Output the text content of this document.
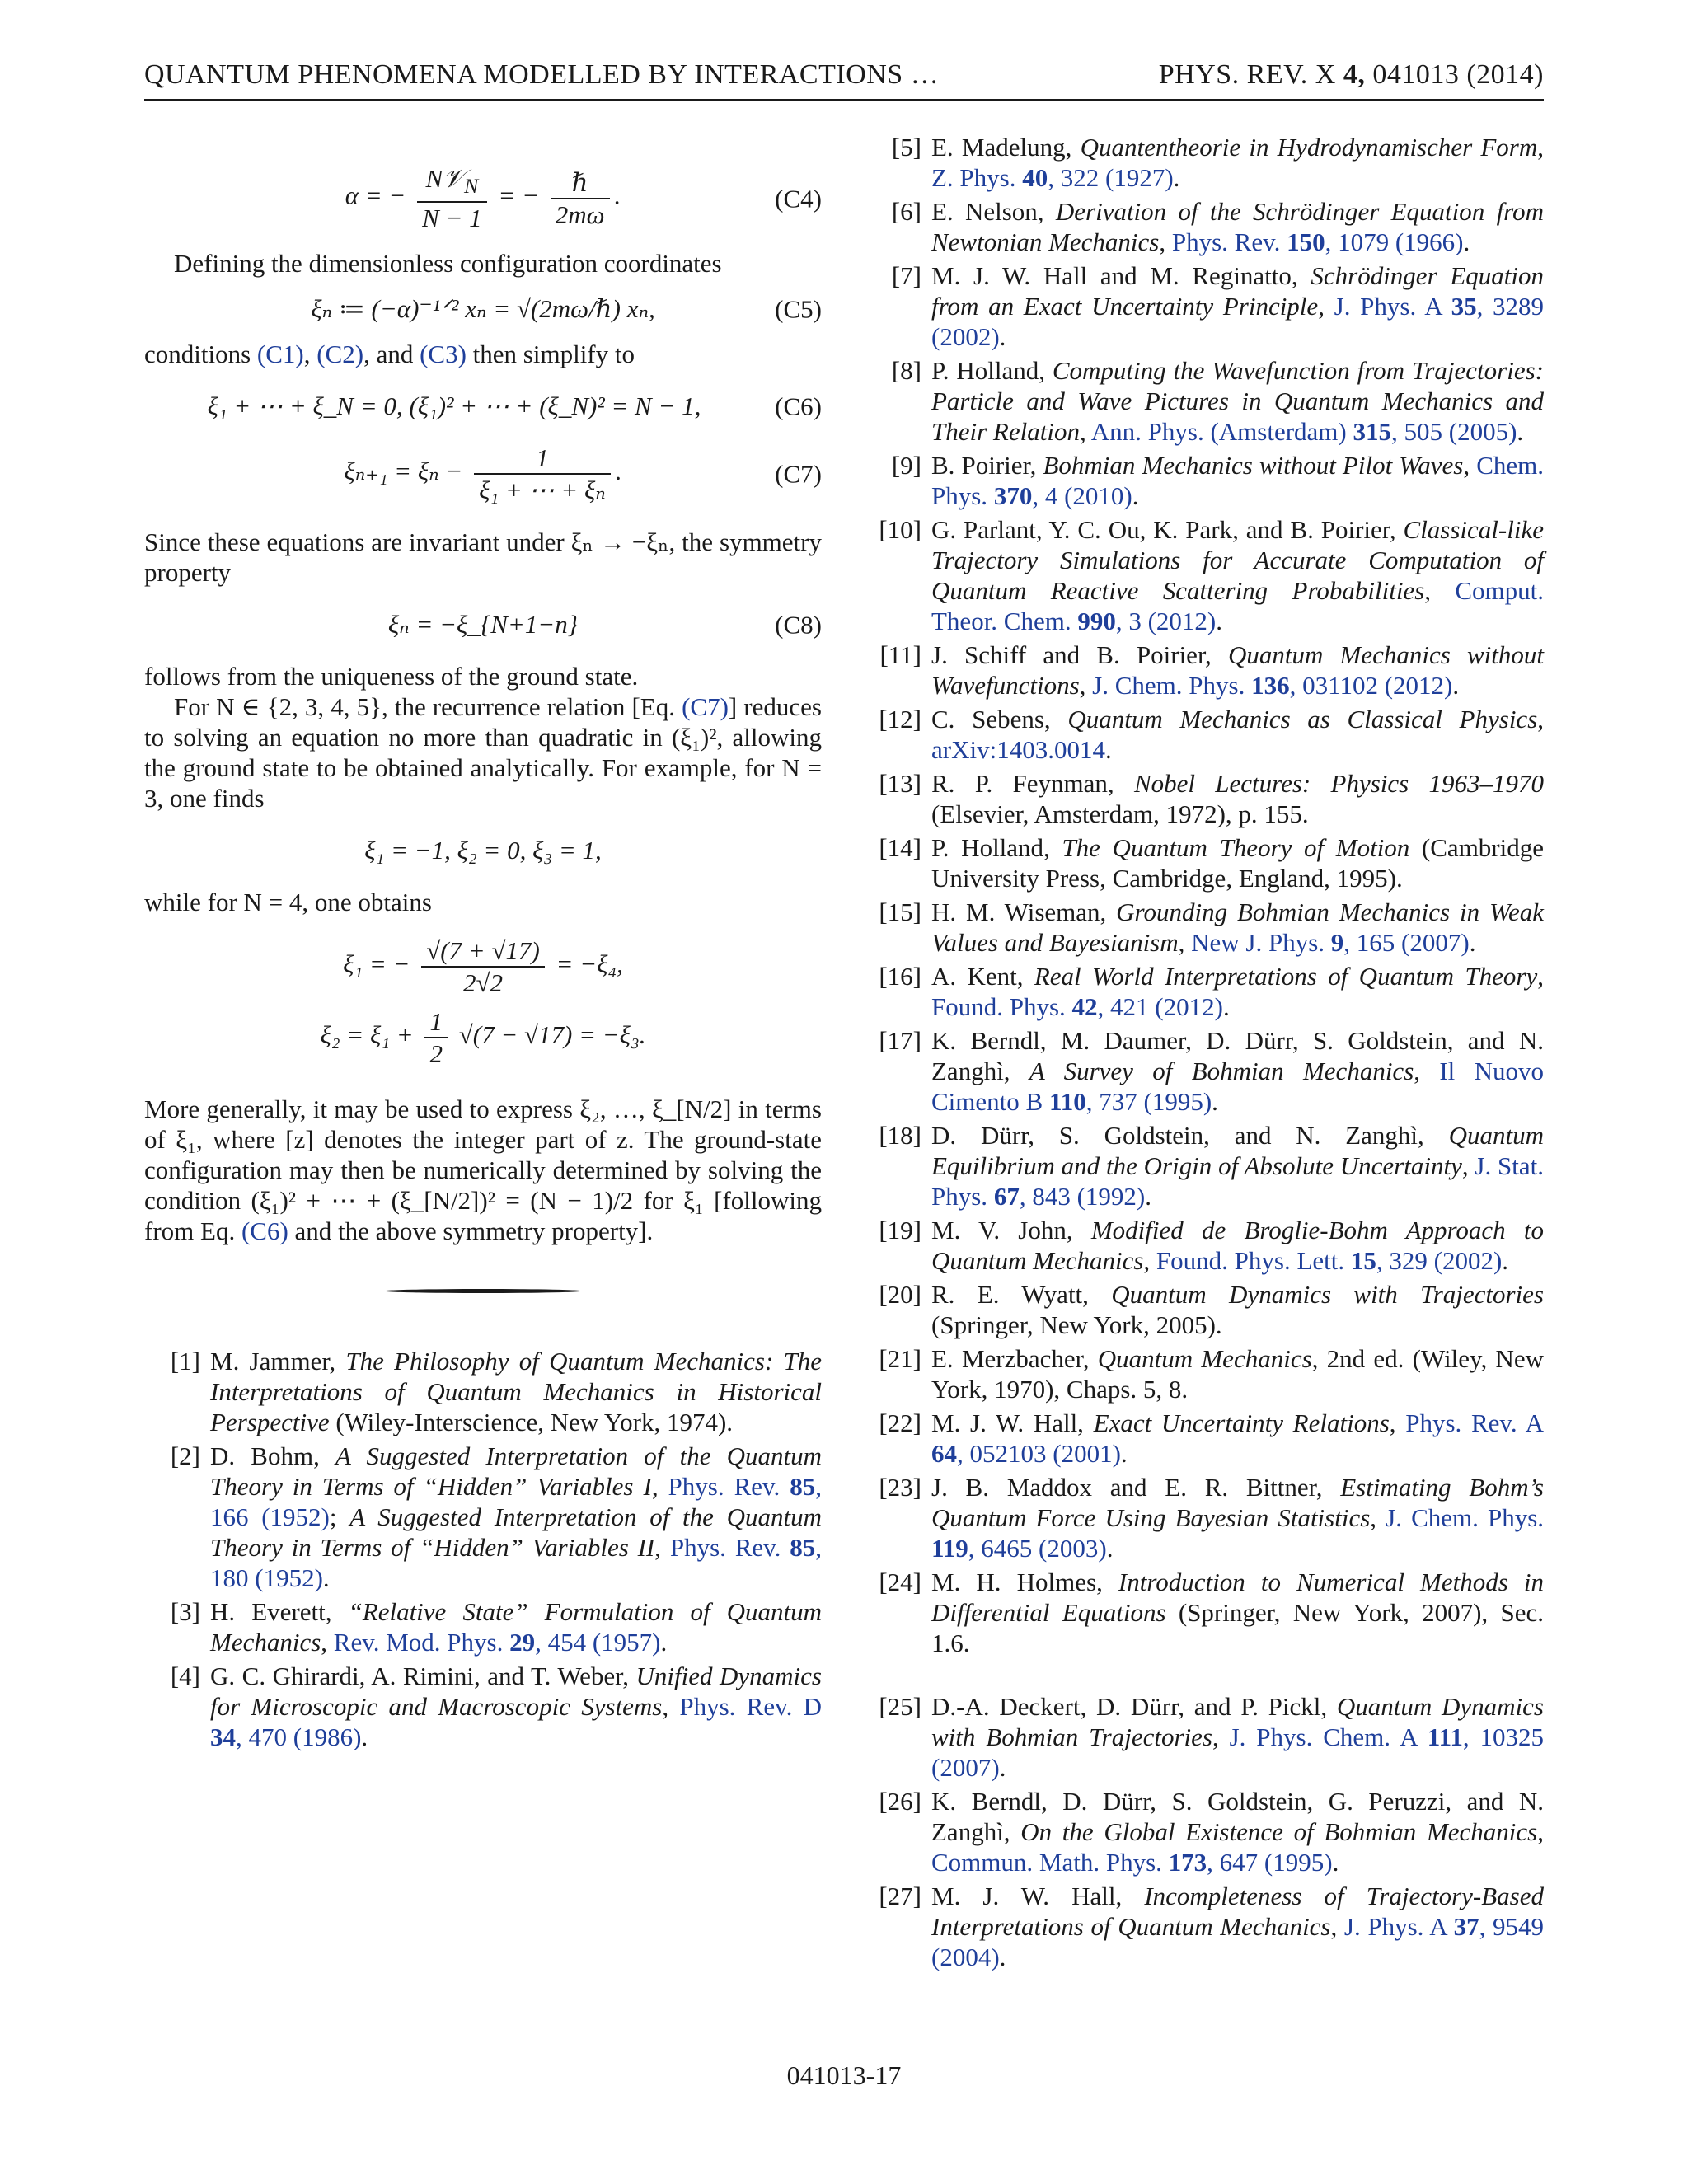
QUANTUM PHENOMENA MODELLED BY INTERACTIONS …	PHYS. REV. X 4, 041013 (2014)
α = − $\frac{N𝒱_N}{N - 1}$ = − $\frac{\text{ℏ}}{2m\omega}$ .	(C4)

Defining the dimensionless configuration coordinates

ξₙ ≔ (−α)⁻¹ᐟ² xₙ = √(2mω/ℏ) xₙ,	(C5)

conditions (C1), (C2), and (C3) then simplify to

ξ₁ + ⋯ + ξ_N = 0, (ξ₁)² + ⋯ + (ξ_N)² = N − 1,	(C6)
$\xi_{n+1} = \xi_n - \frac{1}{\text{ξ₁ + ⋯ + ξₙ}}$ .	(C7)

Since these equations are invariant under ξₙ → −ξₙ, the symmetry property

ξₙ = −ξ_{N+1−n}	(C8)

follows from the uniqueness of the ground state.

For N ∈ {2, 3, 4, 5}, the recurrence relation [Eq. (C7)] reduces to solving an equation no more than quadratic in (ξ₁)², allowing the ground state to be obtained analytically. For example, for N = 3, one finds

ξ₁ = −1, ξ₂ = 0, ξ₃ = 1,

while for N = 4, one obtains

ξ₁ = − $\frac{√(7 + √17)}{2√2} = -\xi_4$,
$\xi_2 = \xi_1 + \frac{1}{2} √(7 - √17) = -\xi_3$.

More generally, it may be used to express ξ₂, …, ξ_[N/2] in terms of ξ₁, where [z] denotes the integer part of z. The ground-state configuration may then be numerically determined by solving the condition (ξ₁)² + ⋯ + (ξ_[N/2])² = (N − 1)/2 for ξ₁ [following from Eq. (C6) and the above symmetry property].

[1] M. Jammer, The Philosophy of Quantum Mechanics: The Interpretations of Quantum Mechanics in Historical Perspective (Wiley-Interscience, New York, 1974).
[2] D. Bohm, A Suggested Interpretation of the Quantum Theory in Terms of “Hidden” Variables I, Phys. Rev. 85, 166 (1952); A Suggested Interpretation of the Quantum Theory in Terms of “Hidden” Variables II, Phys. Rev. 85, 180 (1952).
[3] H. Everett, “Relative State” Formulation of Quantum Mechanics, Rev. Mod. Phys. 29, 454 (1957).
[4] G. C. Ghirardi, A. Rimini, and T. Weber, Unified Dynamics for Microscopic and Macroscopic Systems, Phys. Rev. D 34, 470 (1986).
[5] E. Madelung, Quantentheorie in Hydrodynamischer Form, Z. Phys. 40, 322 (1927).
[6] E. Nelson, Derivation of the Schrödinger Equation from Newtonian Mechanics, Phys. Rev. 150, 1079 (1966).
[7] M. J. W. Hall and M. Reginatto, Schrödinger Equation from an Exact Uncertainty Principle, J. Phys. A 35, 3289 (2002).
[8] P. Holland, Computing the Wavefunction from Trajectories: Particle and Wave Pictures in Quantum Mechanics and Their Relation, Ann. Phys. (Amsterdam) 315, 505 (2005).
[9] B. Poirier, Bohmian Mechanics without Pilot Waves, Chem. Phys. 370, 4 (2010).
[10] G. Parlant, Y. C. Ou, K. Park, and B. Poirier, Classical-like Trajectory Simulations for Accurate Computation of Quantum Reactive Scattering Probabilities, Comput. Theor. Chem. 990, 3 (2012).
[11] J. Schiff and B. Poirier, Quantum Mechanics without Wavefunctions, J. Chem. Phys. 136, 031102 (2012).
[12] C. Sebens, Quantum Mechanics as Classical Physics, arXiv:1403.0014.
[13] R. P. Feynman, Nobel Lectures: Physics 1963–1970 (Elsevier, Amsterdam, 1972), p. 155.
[14] P. Holland, The Quantum Theory of Motion (Cambridge University Press, Cambridge, England, 1995).
[15] H. M. Wiseman, Grounding Bohmian Mechanics in Weak Values and Bayesianism, New J. Phys. 9, 165 (2007).
[16] A. Kent, Real World Interpretations of Quantum Theory, Found. Phys. 42, 421 (2012).
[17] K. Berndl, M. Daumer, D. Dürr, S. Goldstein, and N. Zanghì, A Survey of Bohmian Mechanics, Il Nuovo Cimento B 110, 737 (1995).
[18] D. Dürr, S. Goldstein, and N. Zanghì, Quantum Equilibrium and the Origin of Absolute Uncertainty, J. Stat. Phys. 67, 843 (1992).
[19] M. V. John, Modified de Broglie-Bohm Approach to Quantum Mechanics, Found. Phys. Lett. 15, 329 (2002).
[20] R. E. Wyatt, Quantum Dynamics with Trajectories (Springer, New York, 2005).
[21] E. Merzbacher, Quantum Mechanics, 2nd ed. (Wiley, New York, 1970), Chaps. 5, 8.
[22] M. J. W. Hall, Exact Uncertainty Relations, Phys. Rev. A 64, 052103 (2001).
[23] J. B. Maddox and E. R. Bittner, Estimating Bohm’s Quantum Force Using Bayesian Statistics, J. Chem. Phys. 119, 6465 (2003).
[24] M. H. Holmes, Introduction to Numerical Methods in Differential Equations (Springer, New York, 2007), Sec. 1.6.
[25] D.-A. Deckert, D. Dürr, and P. Pickl, Quantum Dynamics with Bohmian Trajectories, J. Phys. Chem. A 111, 10325 (2007).
[26] K. Berndl, D. Dürr, S. Goldstein, G. Peruzzi, and N. Zanghì, On the Global Existence of Bohmian Mechanics, Commun. Math. Phys. 173, 647 (1995).
[27] M. J. W. Hall, Incompleteness of Trajectory-Based Interpretations of Quantum Mechanics, J. Phys. A 37, 9549 (2004).
041013-17
